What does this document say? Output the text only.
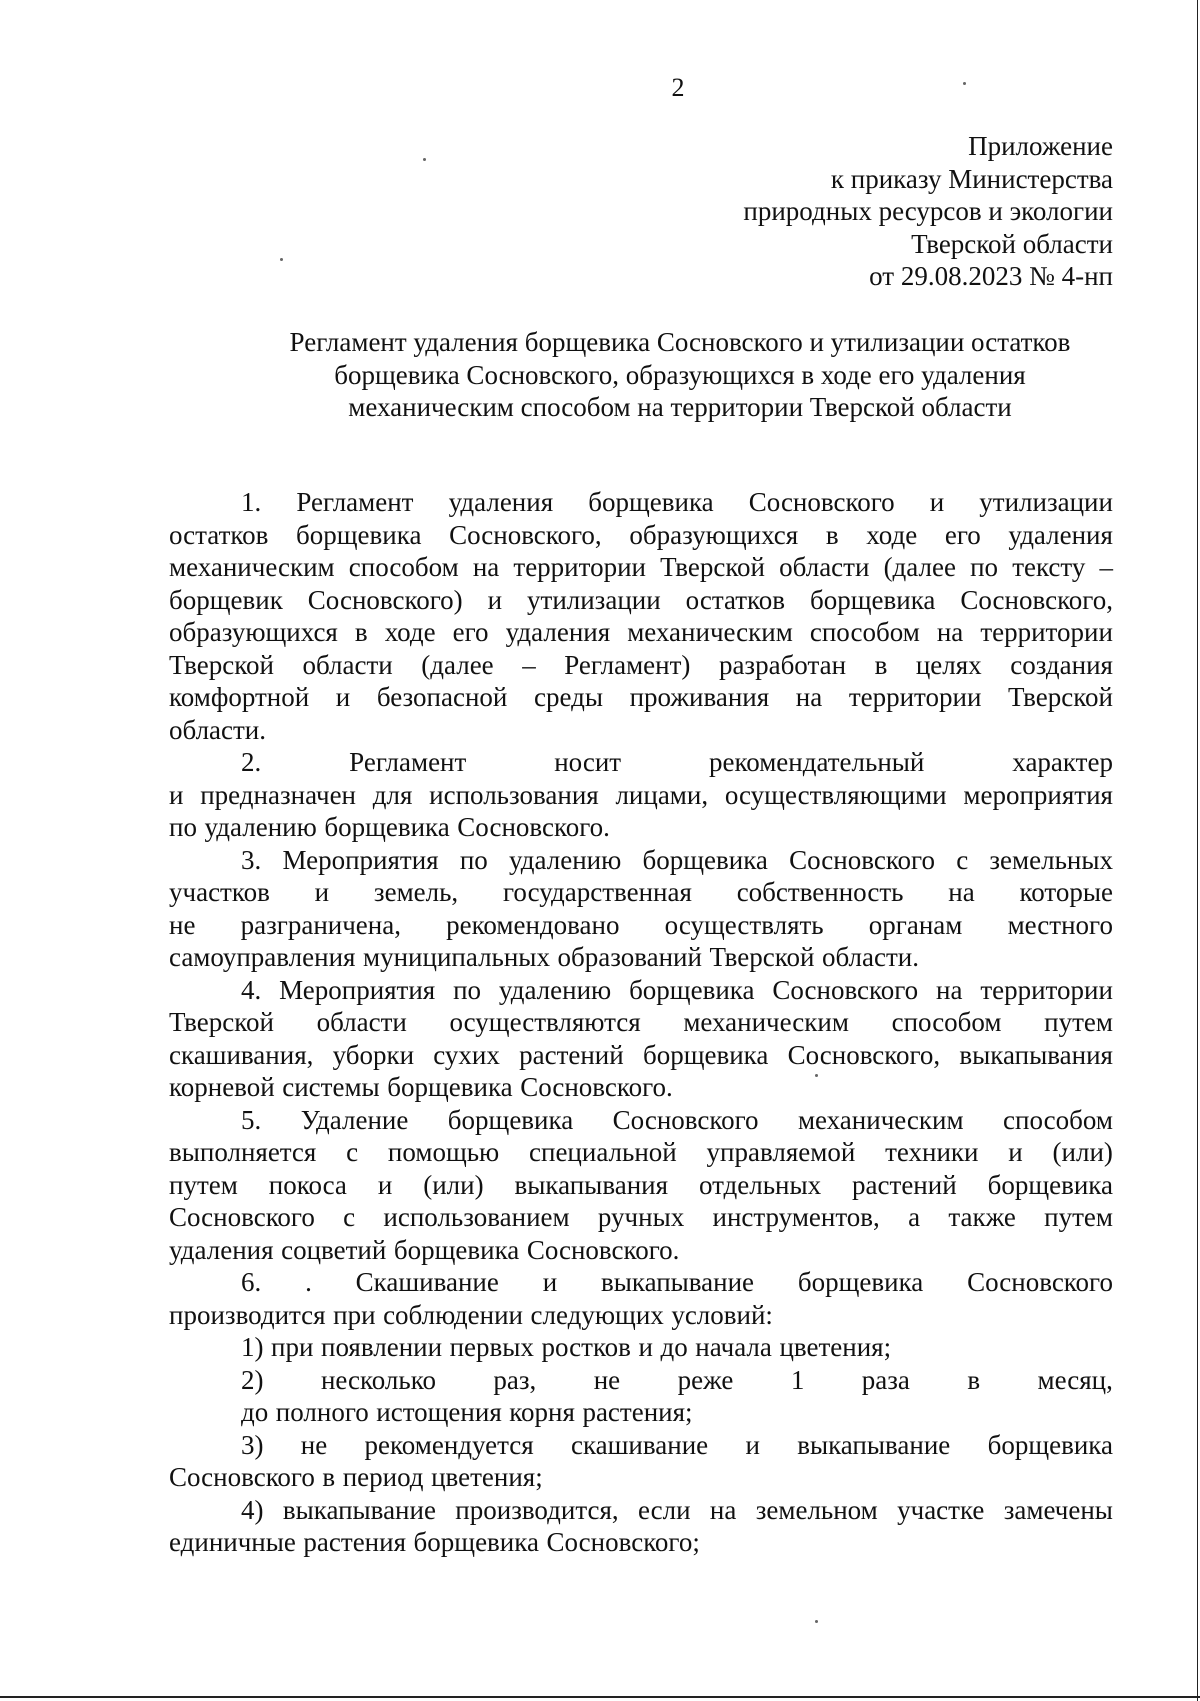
2
Приложение
к приказу Министерства
природных ресурсов и экологии
Тверской области
от 29.08.2023 № 4-нп
Регламент удаления борщевика Сосновского и утилизации остатков
борщевика Сосновского, образующихся в ходе его удаления
механическим способом на территории Тверской области
1. Регламент удаления борщевика Сосновского и утилизации
остатков борщевика Сосновского, образующихся в ходе его удаления
механическим способом на территории Тверской области (далее по тексту –
борщевик Сосновского) и утилизации остатков борщевика Сосновского,
образующихся в ходе его удаления механическим способом на территории
Тверской области (далее – Регламент) разработан в целях создания
комфортной и безопасной среды проживания на территории Тверской
области.
2.	Регламент	носит	рекомендательный	характер
и предназначен для использования лицами, осуществляющими мероприятия
по удалению борщевика Сосновского.
3. Мероприятия по удалению борщевика Сосновского с земельных
участков и земель, государственная собственность на которые
не разграничена, рекомендовано осуществлять органам местного
самоуправления муниципальных образований Тверской области.
4. Мероприятия по удалению борщевика Сосновского на территории
Тверской области осуществляются механическим способом путем
скашивания, уборки сухих растений борщевика Сосновского, выкапывания
корневой системы борщевика Сосновского.
5. Удаление борщевика Сосновского механическим способом
выполняется с помощью специальной управляемой техники и (или)
путем покоса и (или) выкапывания отдельных растений борщевика
Сосновского с использованием ручных инструментов, а также путем
удаления соцветий борщевика Сосновского.
6. . Скашивание и выкапывание борщевика Сосновского
производится при соблюдении следующих условий:
1) при появлении первых ростков и до начала цветения;
2) несколько раз, не реже 1 раза в месяц,
до полного истощения корня растения;
3) не рекомендуется скашивание и выкапывание борщевика
Сосновского в период цветения;
4) выкапывание производится, если на земельном участке замечены
единичные растения борщевика Сосновского;
